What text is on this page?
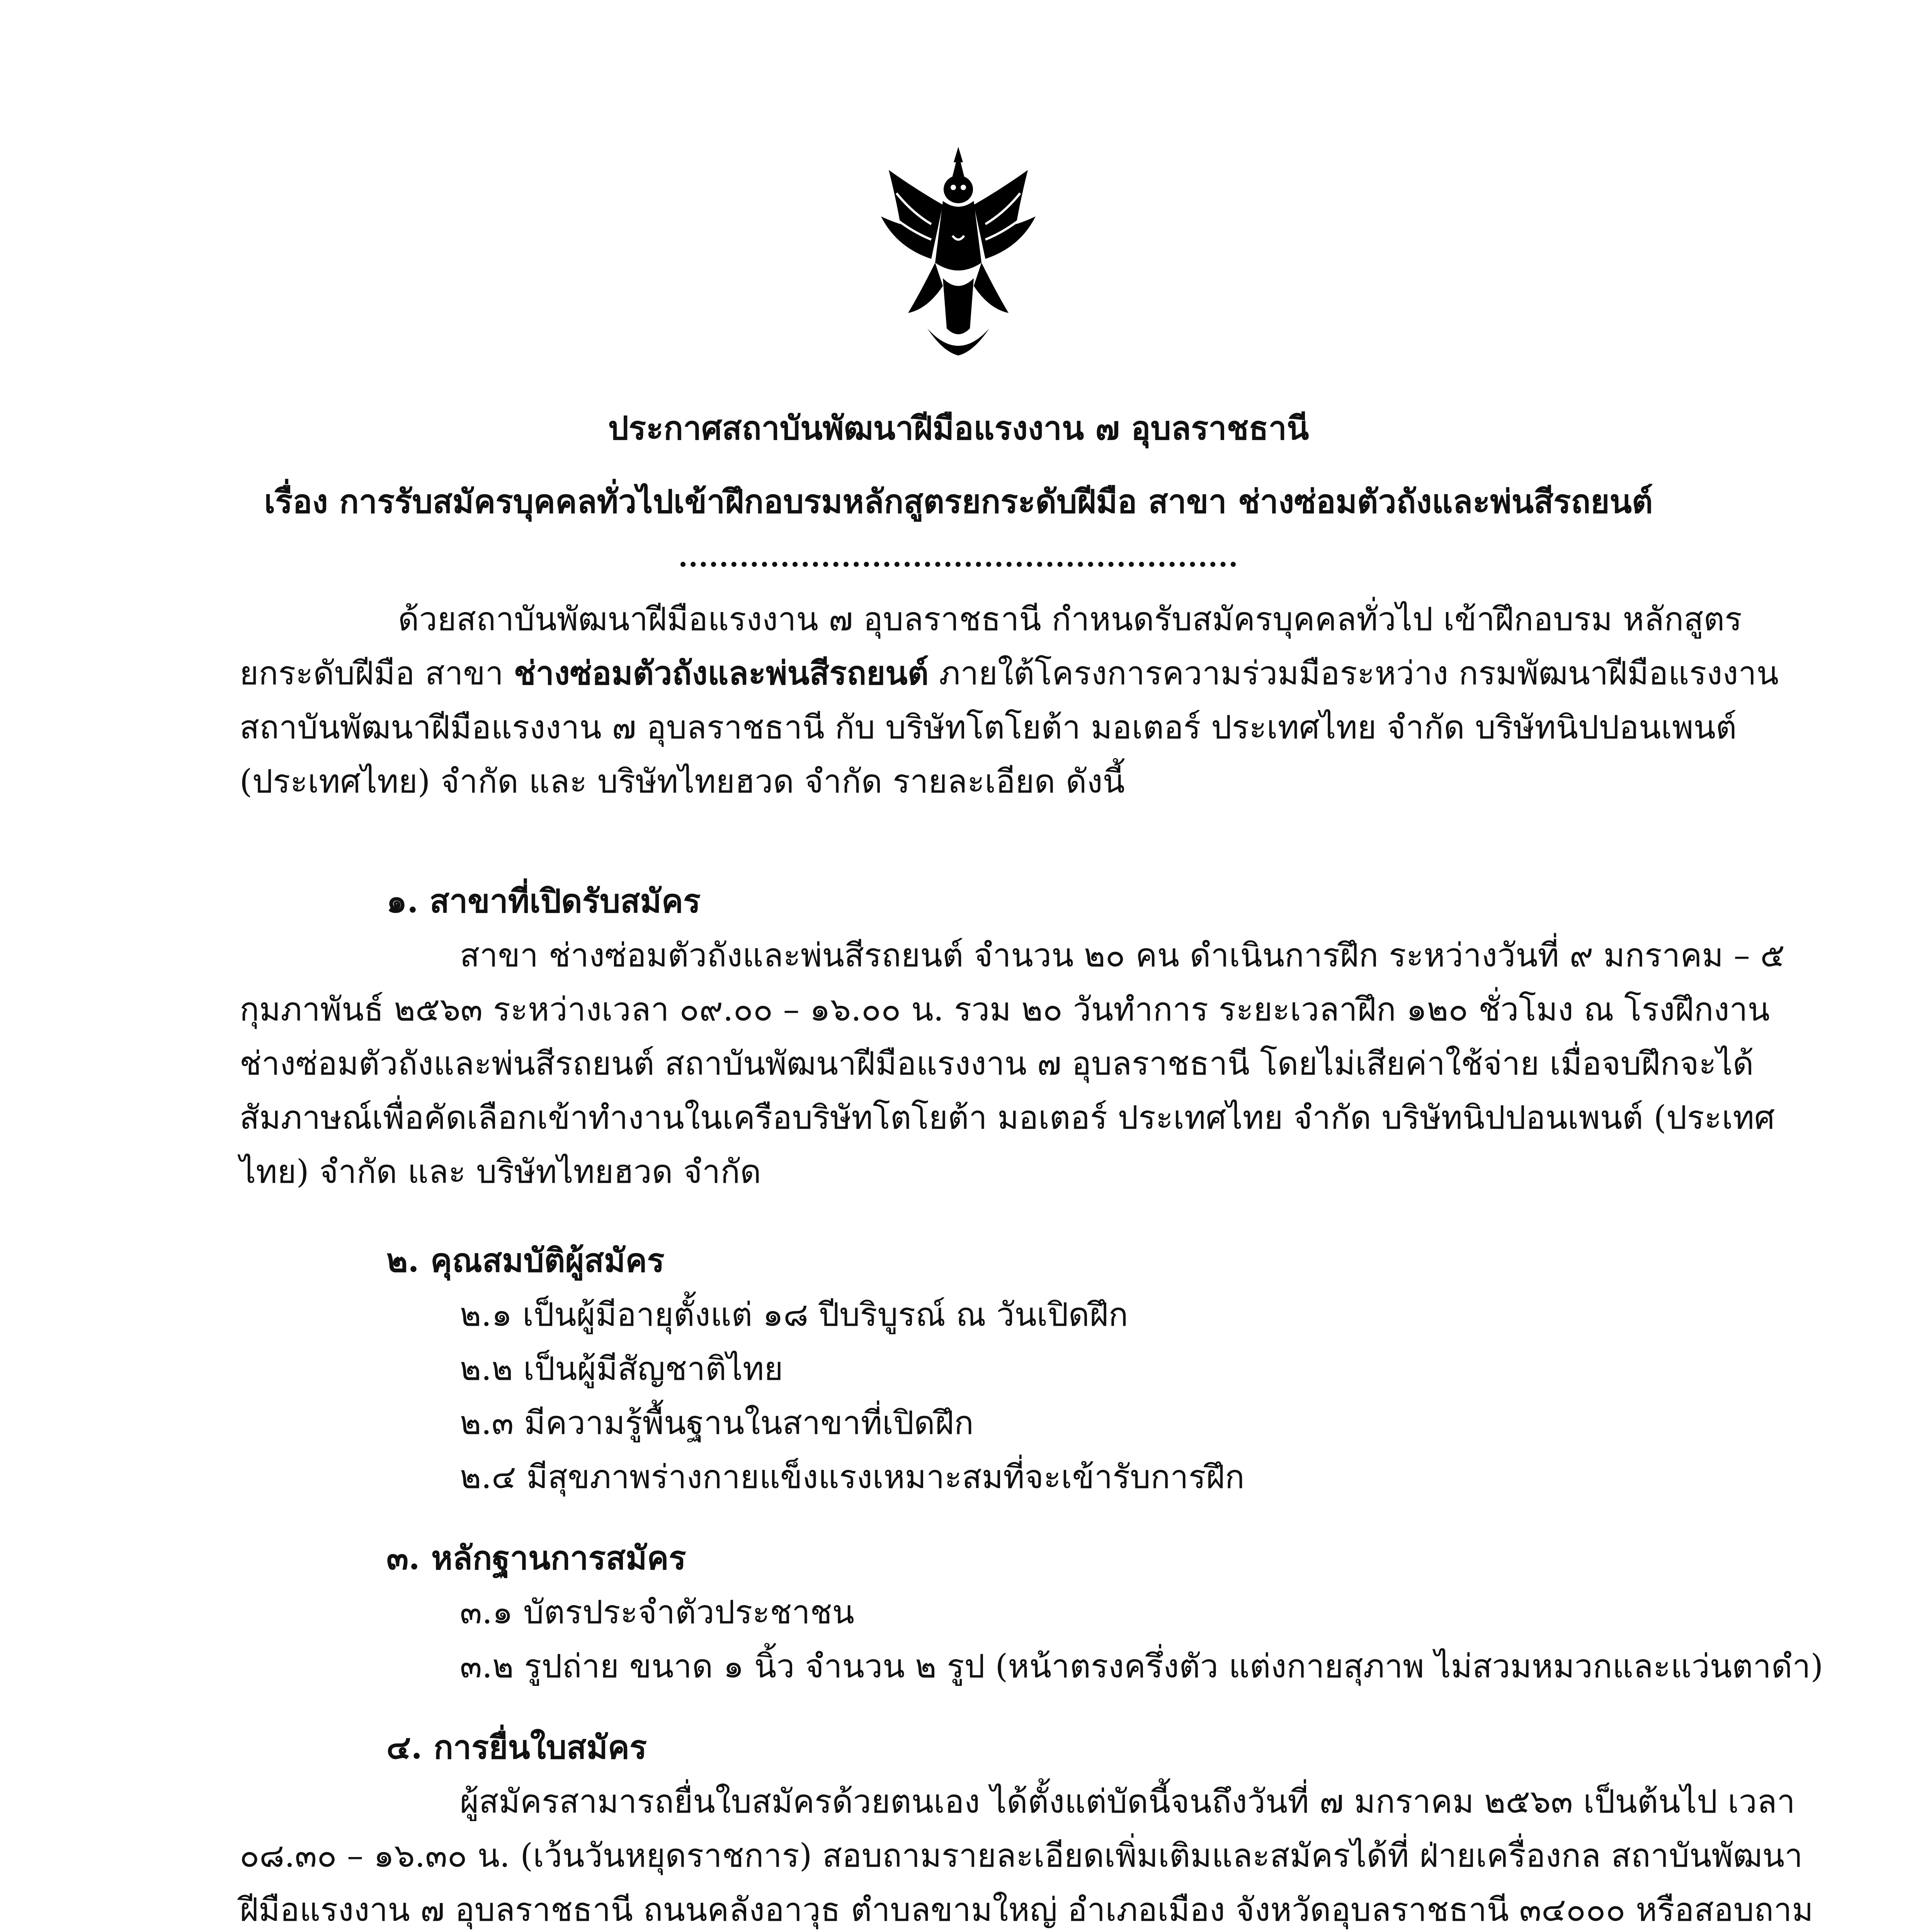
ประกาศสถาบันพัฒนาฝีมือแรงงาน ๗ อุบลราชธานี
เรื่อง การรับสมัครบุคคลทั่วไปเข้าฝึกอบรมหลักสูตรยกระดับฝีมือ สาขา ช่างซ่อมตัวถังและพ่นสีรถยนต์
.......................................................
ด้วยสถาบันพัฒนาฝีมือแรงงาน ๗ อุบลราชธานี กำหนดรับสมัครบุคคลทั่วไป เข้าฝึกอบรม หลักสูตร
ยกระดับฝีมือ สาขา ช่างซ่อมตัวถังและพ่นสีรถยนต์ ภายใต้โครงการความร่วมมือระหว่าง กรมพัฒนาฝีมือแรงงาน
สถาบันพัฒนาฝีมือแรงงาน ๗ อุบลราชธานี กับ บริษัทโตโยต้า มอเตอร์ ประเทศไทย จำกัด บริษัทนิปปอนเพนต์
(ประเทศไทย) จำกัด และ บริษัทไทยฮวด จำกัด รายละเอียด ดังนี้
๑. สาขาที่เปิดรับสมัคร
สาขา ช่างซ่อมตัวถังและพ่นสีรถยนต์ จำนวน ๒๐ คน ดำเนินการฝึก ระหว่างวันที่ ๙ มกราคม – ๕
กุมภาพันธ์ ๒๕๖๓ ระหว่างเวลา ๐๙.๐๐ – ๑๖.๐๐ น. รวม ๒๐ วันทำการ ระยะเวลาฝึก ๑๒๐ ชั่วโมง ณ โรงฝึกงาน
ช่างซ่อมตัวถังและพ่นสีรถยนต์ สถาบันพัฒนาฝีมือแรงงาน ๗ อุบลราชธานี โดยไม่เสียค่าใช้จ่าย เมื่อจบฝึกจะได้
สัมภาษณ์เพื่อคัดเลือกเข้าทำงานในเครือบริษัทโตโยต้า มอเตอร์ ประเทศไทย จำกัด บริษัทนิปปอนเพนต์ (ประเทศ
ไทย) จำกัด และ บริษัทไทยฮวด จำกัด
๒. คุณสมบัติผู้สมัคร
๒.๑ เป็นผู้มีอายุตั้งแต่ ๑๘ ปีบริบูรณ์ ณ วันเปิดฝึก
๒.๒ เป็นผู้มีสัญชาติไทย
๒.๓ มีความรู้พื้นฐานในสาขาที่เปิดฝึก
๒.๔ มีสุขภาพร่างกายแข็งแรงเหมาะสมที่จะเข้ารับการฝึก
๓. หลักฐานการสมัคร
๓.๑ บัตรประจำตัวประชาชน
๓.๒ รูปถ่าย ขนาด ๑ นิ้ว จำนวน ๒ รูป (หน้าตรงครึ่งตัว แต่งกายสุภาพ ไม่สวมหมวกและแว่นตาดำ)
๔. การยื่นใบสมัคร
ผู้สมัครสามารถยื่นใบสมัครด้วยตนเอง ได้ตั้งแต่บัดนี้จนถึงวันที่ ๗ มกราคม ๒๕๖๓ เป็นต้นไป เวลา
๐๘.๓๐ – ๑๖.๓๐ น. (เว้นวันหยุดราชการ) สอบถามรายละเอียดเพิ่มเติมและสมัครได้ที่ ฝ่ายเครื่องกล สถาบันพัฒนา
ฝีมือแรงงาน ๗ อุบลราชธานี ถนนคลังอาวุธ ตำบลขามใหญ่ อำเภอเมือง จังหวัดอุบลราชธานี ๓๔๐๐๐ หรือสอบถาม
